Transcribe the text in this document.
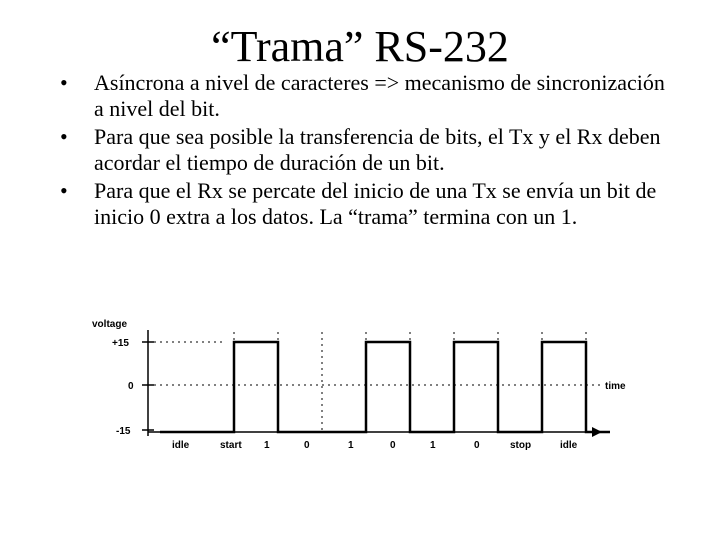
“Trama” RS-232
• Asíncrona a nivel de caracteres => mecanismo de sincronización a nivel del bit.
• Para que sea posible la transferencia de bits, el Tx y el Rx deben acordar el tiempo de duración de un bit.
• Para que el Rx se percate del inicio de una Tx se envía un bit de inicio 0 extra a los datos. La “trama” termina con un 1.
voltage
time
+15
0
-15
idle	start 1	0	1	0	1	0	stop	idle
